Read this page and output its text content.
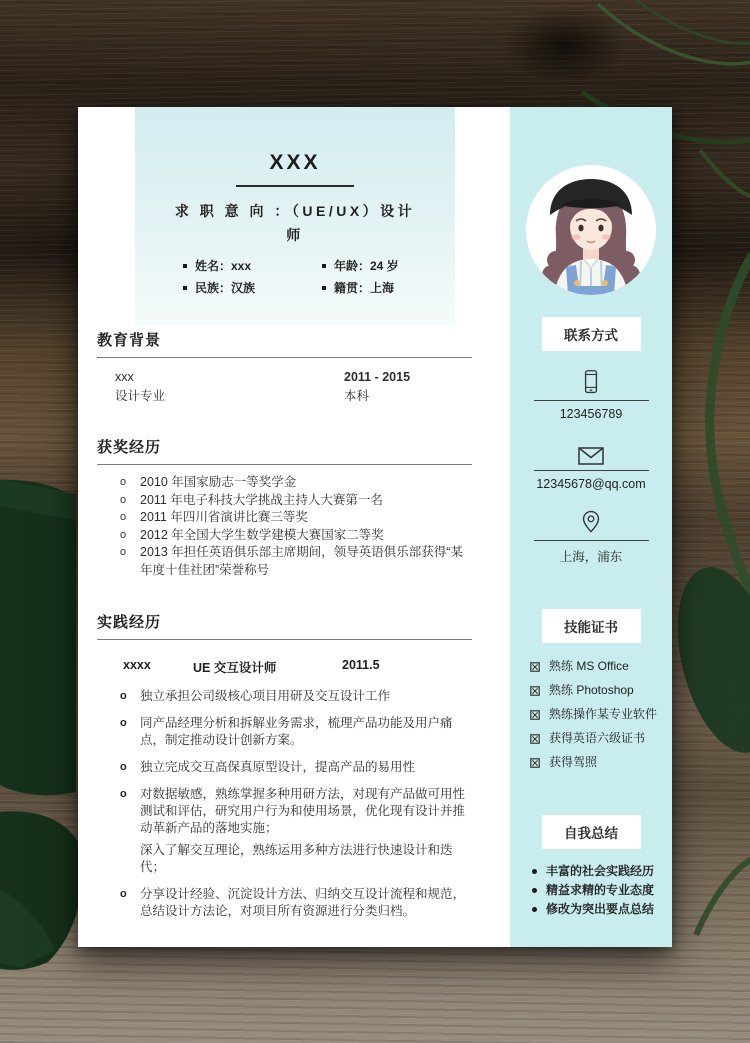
XXX
求 职 意 向 ：（UE/UX）设计
师
姓名：xxx	年龄：24 岁
民族：汉族	籍贯：上海
教育背景
xxx	2011 - 2015
设计专业	本科
获奖经历
o 2010 年国家励志一等奖学金
o 2011 年电子科技大学挑战主持人大赛第一名
o 2011 年四川省演讲比赛三等奖
o 2012 年全国大学生数学建模大赛国家二等奖
o 2013 年担任英语俱乐部主席期间，领导英语俱乐部获得“某年度十佳社团”荣誉称号
实践经历
xxxx	UE 交互设计师	2011.5
o 独立承担公司级核心项目用研及交互设计工作

o 同产品经理分析和拆解业务需求，梳理产品功能及用户痛点，制定推动设计创新方案。

o 独立完成交互高保真原型设计，提高产品的易用性

o 对数据敏感，熟练掌握多种用研方法，对现有产品做可用性测试和评估，研究用户行为和使用场景，优化现有设计并推动革新产品的落地实施；

深入了解交互理论，熟练运用多种方法进行快速设计和迭代；

o 分享设计经验、沉淀设计方法、归纳交互设计流程和规范，总结设计方法论，对项目所有资源进行分类归档。

联系方式
123456789
12345678@qq.com
上海，浦东
技能证书
熟练 MS Office
熟练 Photoshop
熟练操作某专业软件
获得英语六级证书
获得驾照
自我总结
丰富的社会实践经历
精益求精的专业态度
修改为突出要点总结
